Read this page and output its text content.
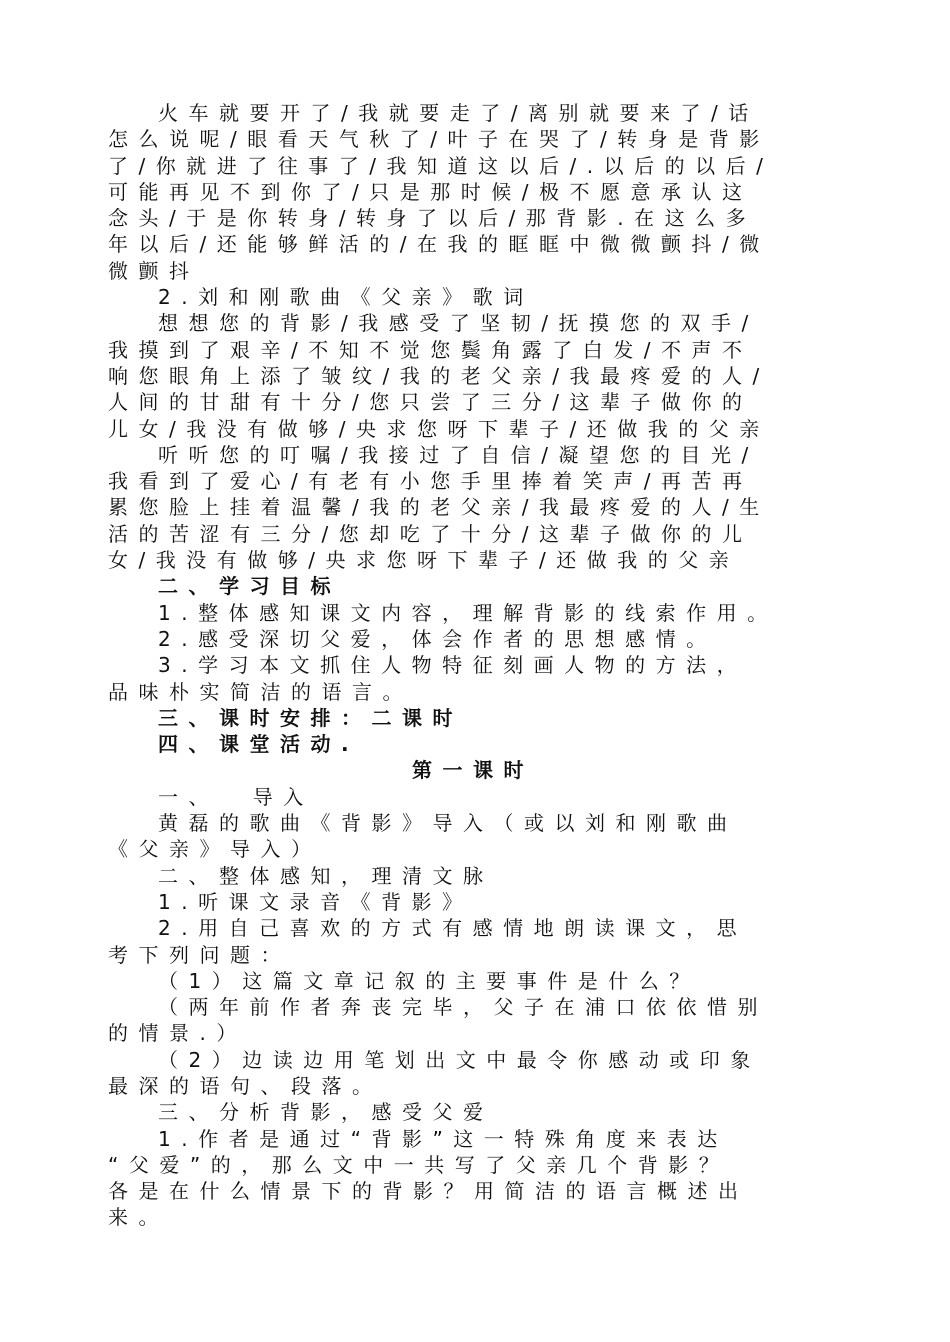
火车就要开了/我就要走了/离别就要来了/话
怎么说呢/眼看天气秋了/叶子在哭了/转身是背影
了/你就进了往事了/我知道这以后/.以后的以后/
可能再见不到你了/只是那时候/极不愿意承认这
念头/于是你转身/转身了以后/那背影.在这么多
年以后/还能够鲜活的/在我的眶眶中微微颤抖/微
微颤抖
2.刘和刚歌曲《父亲》歌词
想想您的背影/我感受了坚韧/抚摸您的双手/
我摸到了艰辛/不知不觉您鬓角露了白发/不声不
响您眼角上添了皱纹/我的老父亲/我最疼爱的人/
人间的甘甜有十分/您只尝了三分/这辈子做你的
儿女/我没有做够/央求您呀下辈子/还做我的父亲
听听您的叮嘱/我接过了自信/凝望您的目光/
我看到了爱心/有老有小您手里捧着笑声/再苦再
累您脸上挂着温馨/我的老父亲/我最疼爱的人/生
活的苦涩有三分/您却吃了十分/这辈子做你的儿
女/我没有做够/央求您呀下辈子/还做我的父亲
二、学习目标
1.整体感知课文内容，理解背影的线索作用。
2.感受深切父爱，体会作者的思想感情。
3.学习本文抓住人物特征刻画人物的方法，
品味朴实简洁的语言。
三、课时安排：二课时
四、课堂活动.
第一课时
一、  导入
黄磊的歌曲《背影》导入（或以刘和刚歌曲
《父亲》导入）
二、整体感知，理清文脉
1.听课文录音《背影》
2.用自己喜欢的方式有感情地朗读课文，思
考下列问题：
（1）这篇文章记叙的主要事件是什么？
（两年前作者奔丧完毕，父子在浦口依依惜别
的情景.）
（2）边读边用笔划出文中最令你感动或印象
最深的语句、段落。
三、分析背影，感受父爱
1.作者是通过“背影”这一特殊角度来表达
“父爱”的，那么文中一共写了父亲几个背影？
各是在什么情景下的背影？用简洁的语言概述出
来。
